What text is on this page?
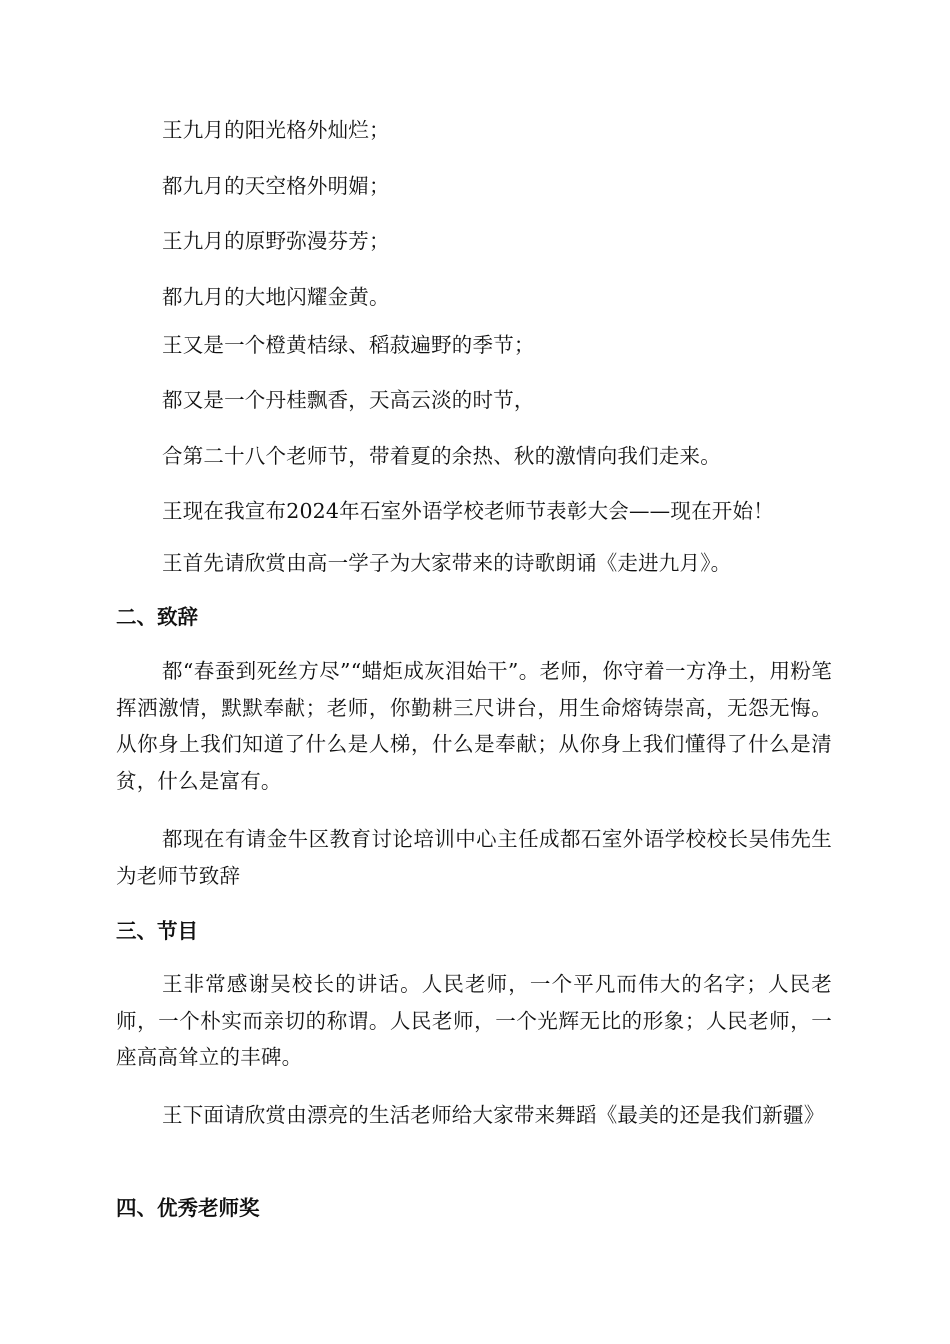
王九月的阳光格外灿烂；
都九月的天空格外明媚；
王九月的原野弥漫芬芳；
都九月的大地闪耀金黄。
王又是一个橙黄桔绿、稻菽遍野的季节；
都又是一个丹桂飘香，天高云淡的时节，
合第二十八个老师节，带着夏的余热、秋的激情向我们走来。
王现在我宣布2024年石室外语学校老师节表彰大会——现在开始！
王首先请欣赏由高一学子为大家带来的诗歌朗诵《走进九月》。
二、致辞
都“春蚕到死丝方尽”“蜡炬成灰泪始干”。老师，你守着一方净土，用粉笔挥洒激情，默默奉献；老师，你勤耕三尺讲台，用生命熔铸崇高，无怨无悔。从你身上我们知道了什么是人梯，什么是奉献；从你身上我们懂得了什么是清贫，什么是富有。
都现在有请金牛区教育讨论培训中心主任成都石室外语学校校长吴伟先生为老师节致辞
三、节目
王非常感谢吴校长的讲话。人民老师，一个平凡而伟大的名字；人民老师，一个朴实而亲切的称谓。人民老师，一个光辉无比的形象；人民老师，一座高高耸立的丰碑。
王下面请欣赏由漂亮的生活老师给大家带来舞蹈《最美的还是我们新疆》
四、优秀老师奖
